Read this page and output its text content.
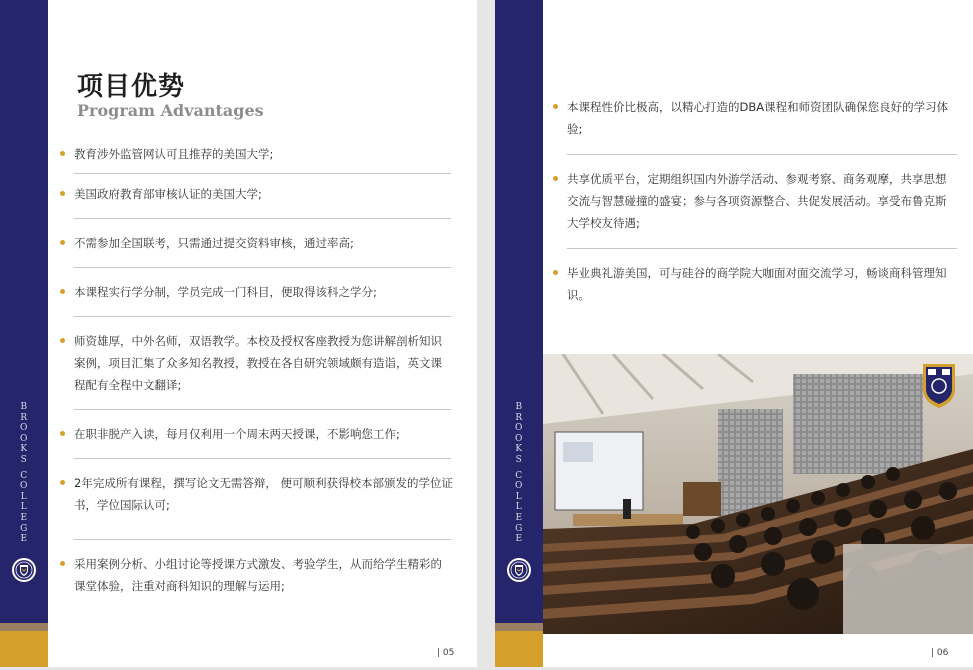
B
R
O
O
K
S
C
O
L
L
E
G
E
项目优势
Program Advantages
教育涉外监管网认可且推荐的美国大学;
美国政府教育部审核认证的美国大学;
不需参加全国联考，只需通过提交资料审核，通过率高;
本课程实行学分制，学员完成一门科目，便取得该科之学分;
师资雄厚，中外名师，双语教学。本校及授权客座教授为您讲解剖析知识案例，项目汇集了众多知名教授，教授在各自研究领域颇有造诣，英文课程配有全程中文翻译;
在职非脱产入读，每月仅利用一个周末两天授课，不影响您工作;
2年完成所有课程，撰写论文无需答辩， 便可顺利获得校本部颁发的学位证书，学位国际认可;
采用案例分析、小组讨论等授课方式激发、考验学生，从而给学生精彩的课堂体验，注重对商科知识的理解与运用;
| 05
B
R
O
O
K
S
C
O
L
L
E
G
E
| 06
本课程性价比极高，以精心打造的DBA课程和师资团队确保您良好的学习体验;
共享优质平台，定期组织国内外游学活动、参观考察、商务观摩，共享思想交流与智慧碰撞的盛宴；参与各项资源整合、共促发展活动。享受布鲁克斯大学校友待遇;
毕业典礼游美国，可与硅谷的商学院大咖面对面交流学习，畅谈商科管理知识。
